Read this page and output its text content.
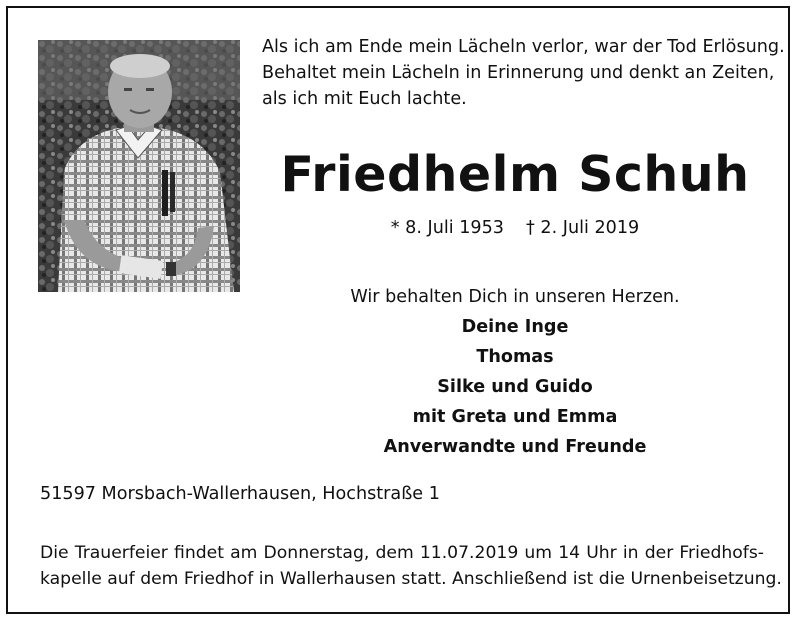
Als ich am Ende mein Lächeln verlor, war der Tod Erlösung.
Behaltet mein Lächeln in Erinnerung und denkt an Zeiten,
als ich mit Euch lachte.
Friedhelm Schuh
* 8. Juli 1953 † 2. Juli 2019
Wir behalten Dich in unseren Herzen.
Deine Inge
Thomas
Silke und Guido
mit Greta und Emma
Anverwandte und Freunde
51597 Morsbach-Wallerhausen, Hochstraße 1
Die Trauerfeier findet am Donnerstag, dem 11.07.2019 um 14 Uhr in der Friedhofs-
kapelle auf dem Friedhof in Wallerhausen statt. Anschließend ist die Urnenbeisetzung.
